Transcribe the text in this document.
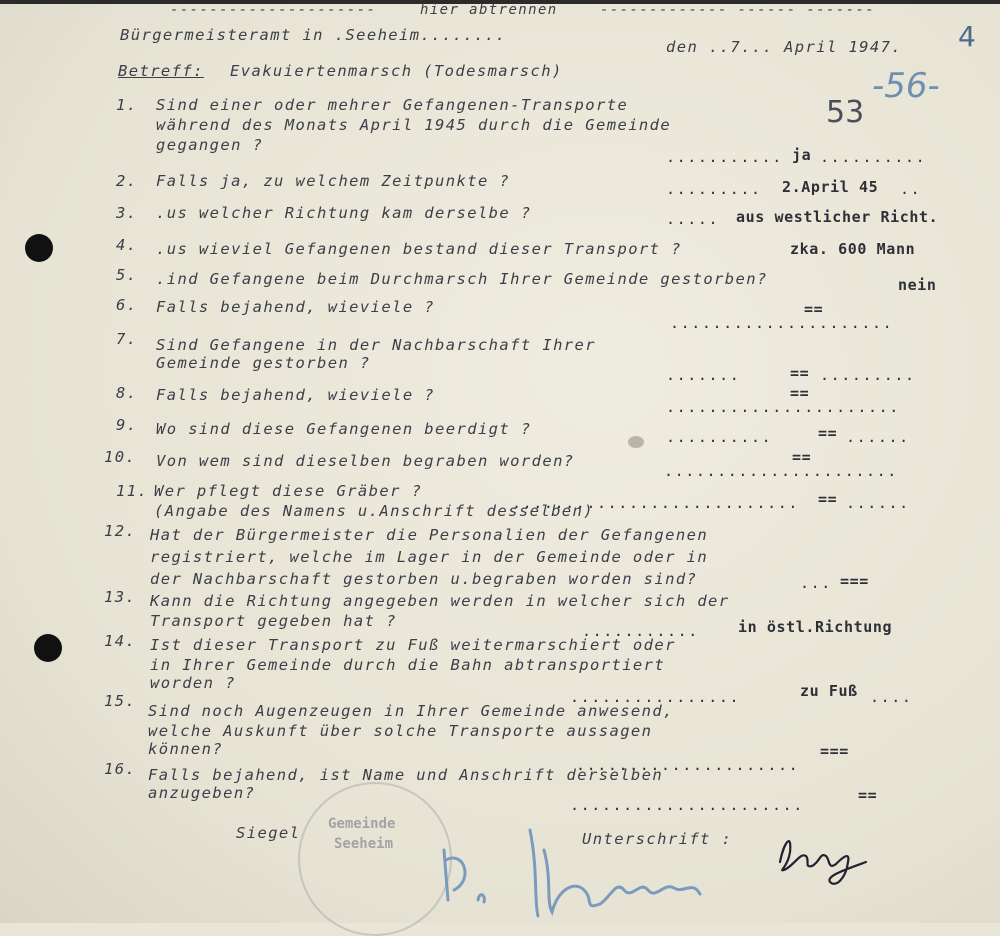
---------------------	hier abtrennen	------------- ------ -------
Bürgermeisteramt in .Seeheim........
den ..7... April 1947.
Betreff: Evakuiertenmarsch (Todesmarsch)
53
-56-
4
1. Sind einer oder mehrer Gefangenen-Transporte
während des Monats April 1945 durch die Gemeinde
gegangen ?
........... ja ..........
2. Falls ja, zu welchem Zeitpunkte ?	......... 2.April 45 ..
3. .us welcher Richtung kam derselbe ?	..... aus westlicher Richt.
4. .us wieviel Gefangenen bestand dieser Transport ?	zka. 600 Mann
5. .ind Gefangene beim Durchmarsch Ihrer Gemeinde gestorben?	nein
6. Falls bejahend, wieviele ?	==
.....................
7. Sind Gefangene in der Nachbarschaft Ihrer
Gemeinde gestorben ?
.......	== .........
8. Falls bejahend, wieviele ?	==
......................
9. Wo sind diese Gefangenen beerdigt ?	..........	== ......
10. Von wem sind dieselben begraben worden?	==
......................
11. Wer pflegt diese Gräber ?
(Angabe des Namens u.Anschrift desselben)
........................... == ......
12. Hat der Bürgermeister die Personalien der Gefangenen
registriert, welche im Lager in der Gemeinde oder in
der Nachbarschaft gestorben u.begraben worden sind?	... ===
13. Kann die Richtung angegeben werden in welcher sich der
Transport gegeben hat ?
...........	in östl.Richtung
14. Ist dieser Transport zu Fuß weitermarschiert oder
in Ihrer Gemeinde durch die Bahn abtransportiert
worden ?
................	zu Fuß ....
15.
Sind noch Augenzeugen in Ihrer Gemeinde anwesend,
welche Auskunft über solche Transporte aussagen
können?	===
.....................
16. Falls bejahend, ist Name und Anschrift derselben
anzugeben?	==
......................
Siegel Gemeinde
Seeheim	Unterschrift :
